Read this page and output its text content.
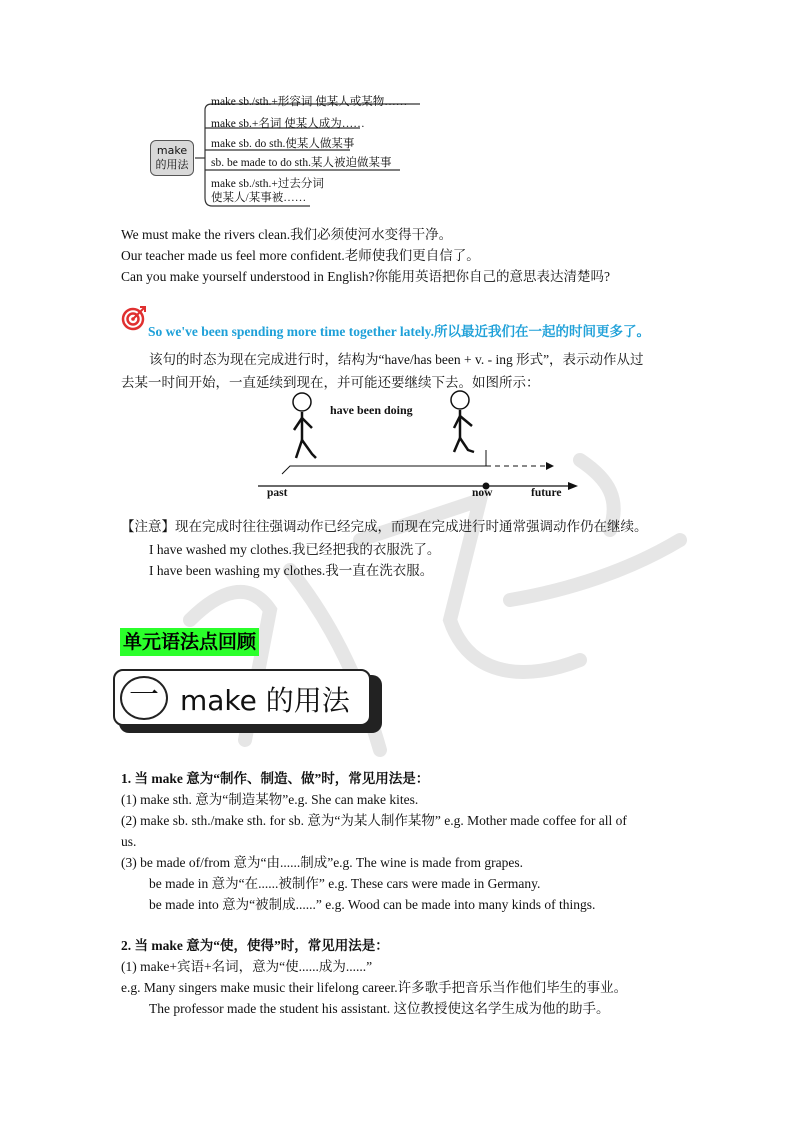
make
的用法
make sb./sth.+形容词 使某人或某物……
make sb.+名词 使某人成为……
make sb. do sth.使某人做某事
sb. be made to do sth.某人被迫做某事
make sb./sth.+过去分词
使某人/某事被……
We must make the rivers clean.我们必须使河水变得干净。
Our teacher made us feel more confident.老师使我们更自信了。
Can you make yourself understood in English?你能用英语把你自己的意思表达清楚吗?
So we've been spending more time together lately.所以最近我们在一起的时间更多了。
该句的时态为现在完成进行时，结构为“have/has been + v. - ing 形式”，表示动作从过
去某一时间开始，一直延续到现在，并可能还要继续下去。如图所示：
have been doing
past	now	future
【注意】现在完成时往往强调动作已经完成，而现在完成进行时通常强调动作仍在继续。
I have washed my clothes.我已经把我的衣服洗了。
I have been washing my clothes.我一直在洗衣服。
单元语法点回顾
一 make 的用法
1. 当 make 意为“制作、制造、做”时，常见用法是：
(1) make sth. 意为“制造某物”e.g. She can make kites.
(2) make sb. sth./make sth. for sb. 意为“为某人制作某物” e.g. Mother made coffee for all of
us.
(3) be made of/from 意为“由......制成”e.g. The wine is made from grapes.
be made in 意为“在......被制作” e.g. These cars were made in Germany.
be made into 意为“被制成......” e.g. Wood can be made into many kinds of things.
2. 当 make 意为“使，使得”时，常见用法是：
(1) make+宾语+名词，意为“使......成为......”
e.g. Many singers make music their lifelong career.许多歌手把音乐当作他们毕生的事业。
The professor made the student his assistant. 这位教授使这名学生成为他的助手。
